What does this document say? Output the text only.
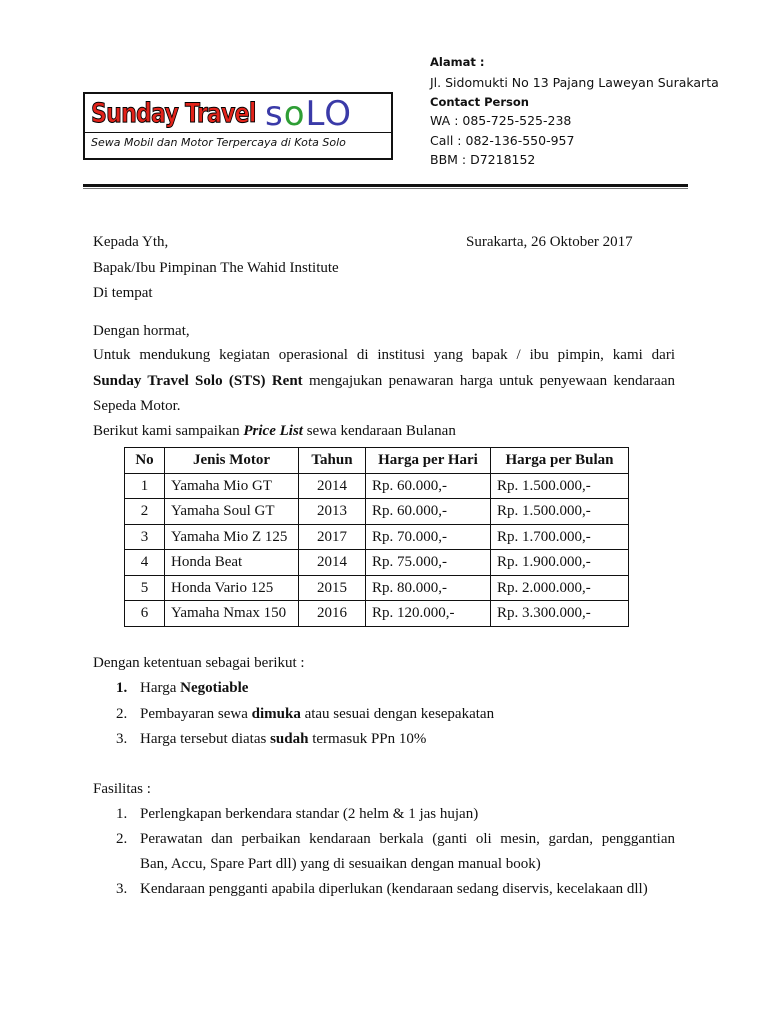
Sunday Travel soLO
Sewa Mobil dan Motor Terpercaya di Kota Solo
Alamat :
Jl. Sidomukti No 13 Pajang Laweyan Surakarta
Contact Person
WA : 085-725-525-238
Call : 082-136-550-957
BBM : D7218152
Kepada Yth,	Surakarta, 26 Oktober 2017
Bapak/Ibu Pimpinan The Wahid Institute
Di tempat
Dengan hormat,
Untuk mendukung kegiatan operasional di institusi yang bapak / ibu pimpin, kami dari
Sunday Travel Solo (STS) Rent mengajukan penawaran harga untuk penyewaan kendaraan
Sepeda Motor.
Berikut kami sampaikan Price List sewa kendaraan Bulanan
No	Jenis Motor	Tahun	Harga per Hari	Harga per Bulan
1	Yamaha Mio GT	2014	Rp. 60.000,-	Rp. 1.500.000,-
2	Yamaha Soul GT	2013	Rp. 60.000,-	Rp. 1.500.000,-
3	Yamaha Mio Z 125	2017	Rp. 70.000,-	Rp. 1.700.000,-
4	Honda Beat	2014	Rp. 75.000,-	Rp. 1.900.000,-
5	Honda Vario 125	2015	Rp. 80.000,-	Rp. 2.000.000,-
6	Yamaha Nmax 150	2016	Rp. 120.000,-	Rp. 3.300.000,-
Dengan ketentuan sebagai berikut :
1. Harga Negotiable
2. Pembayaran sewa dimuka atau sesuai dengan kesepakatan
3. Harga tersebut diatas sudah termasuk PPn 10%
Fasilitas :
1. Perlengkapan berkendara standar (2 helm & 1 jas hujan)
2. Perawatan dan perbaikan kendaraan berkala (ganti oli mesin, gardan, penggantian
Ban, Accu, Spare Part dll) yang di sesuaikan dengan manual book)
3. Kendaraan pengganti apabila diperlukan (kendaraan sedang diservis, kecelakaan dll)
